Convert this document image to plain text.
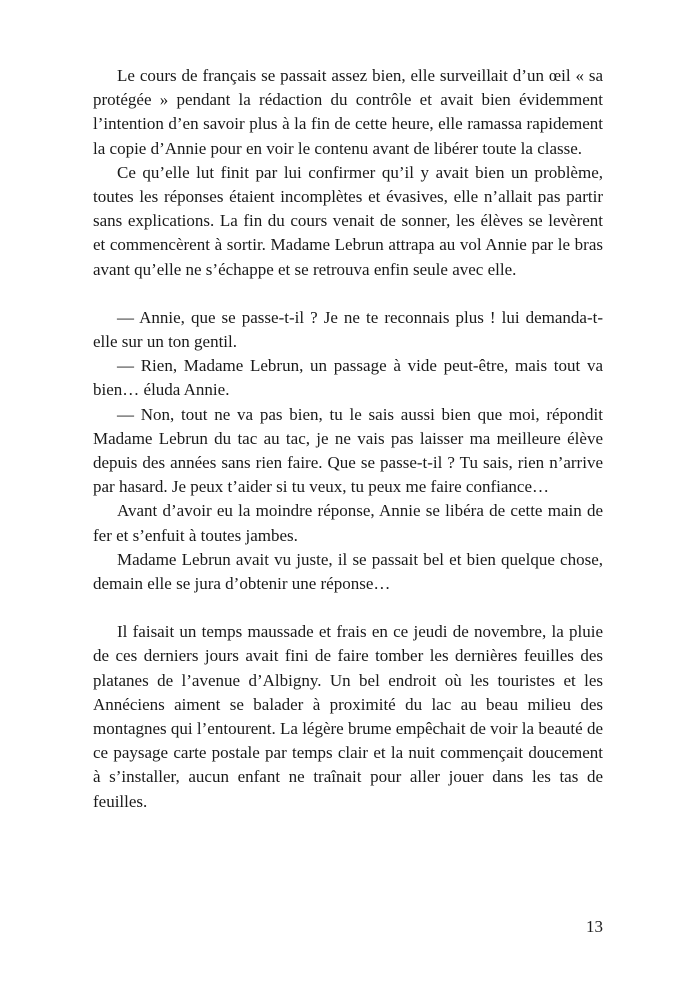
Le cours de français se passait assez bien, elle surveillait d’un œil « sa protégée » pendant la rédaction du contrôle et avait bien évidemment l’intention d’en savoir plus à la fin de cette heure, elle ramassa rapidement la copie d’Annie pour en voir le contenu avant de libérer toute la classe.

Ce qu’elle lut finit par lui confirmer qu’il y avait bien un problème, toutes les réponses étaient incomplètes et évasives, elle n’allait pas partir sans explications. La fin du cours venait de sonner, les élèves se levèrent et commencèrent à sortir. Madame Lebrun attrapa au vol Annie par le bras avant qu’elle ne s’échappe et se retrouva enfin seule avec elle.

— Annie, que se passe-t-il ? Je ne te reconnais plus ! lui demanda-t-elle sur un ton gentil.

— Rien, Madame Lebrun, un passage à vide peut-être, mais tout va bien… éluda Annie.

— Non, tout ne va pas bien, tu le sais aussi bien que moi, répondit Madame Lebrun du tac au tac, je ne vais pas laisser ma meilleure élève depuis des années sans rien faire. Que se passe-t-il ? Tu sais, rien n’arrive par hasard. Je peux t’aider si tu veux, tu peux me faire confiance…

Avant d’avoir eu la moindre réponse, Annie se libéra de cette main de fer et s’enfuit à toutes jambes.

Madame Lebrun avait vu juste, il se passait bel et bien quelque chose, demain elle se jura d’obtenir une réponse…

Il faisait un temps maussade et frais en ce jeudi de novembre, la pluie de ces derniers jours avait fini de faire tomber les dernières feuilles des platanes de l’avenue d’Albigny. Un bel endroit où les touristes et les Annéciens aiment se balader à proximité du lac au beau milieu des montagnes qui l’entourent. La légère brume empêchait de voir la beauté de ce paysage carte postale par temps clair et la nuit commençait doucement à s’installer, aucun enfant ne traînait pour aller jouer dans les tas de feuilles.

13
